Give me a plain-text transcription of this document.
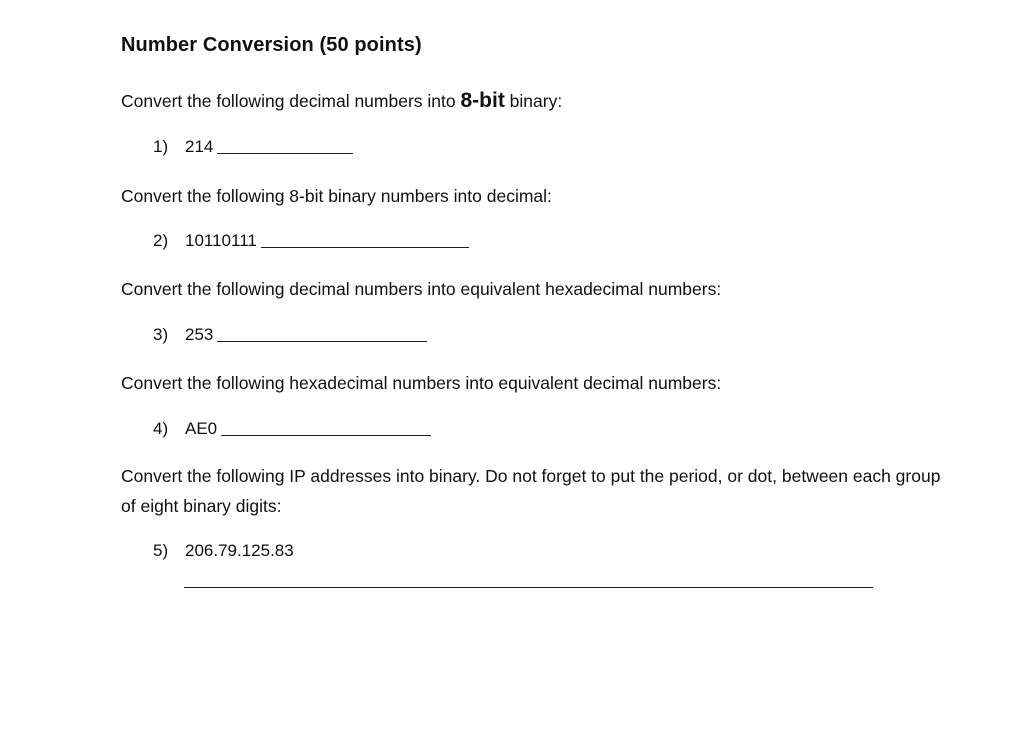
Number Conversion (50 points)
Convert the following decimal numbers into 8-bit binary:
1) 214
Convert the following 8-bit binary numbers into decimal:
2) 10110111
Convert the following decimal numbers into equivalent hexadecimal numbers:
3) 253
Convert the following hexadecimal numbers into equivalent decimal numbers:
4) AE0
Convert the following IP addresses into binary. Do not forget to put the period, or dot, between each group of eight binary digits:
5) 206.79.125.83
